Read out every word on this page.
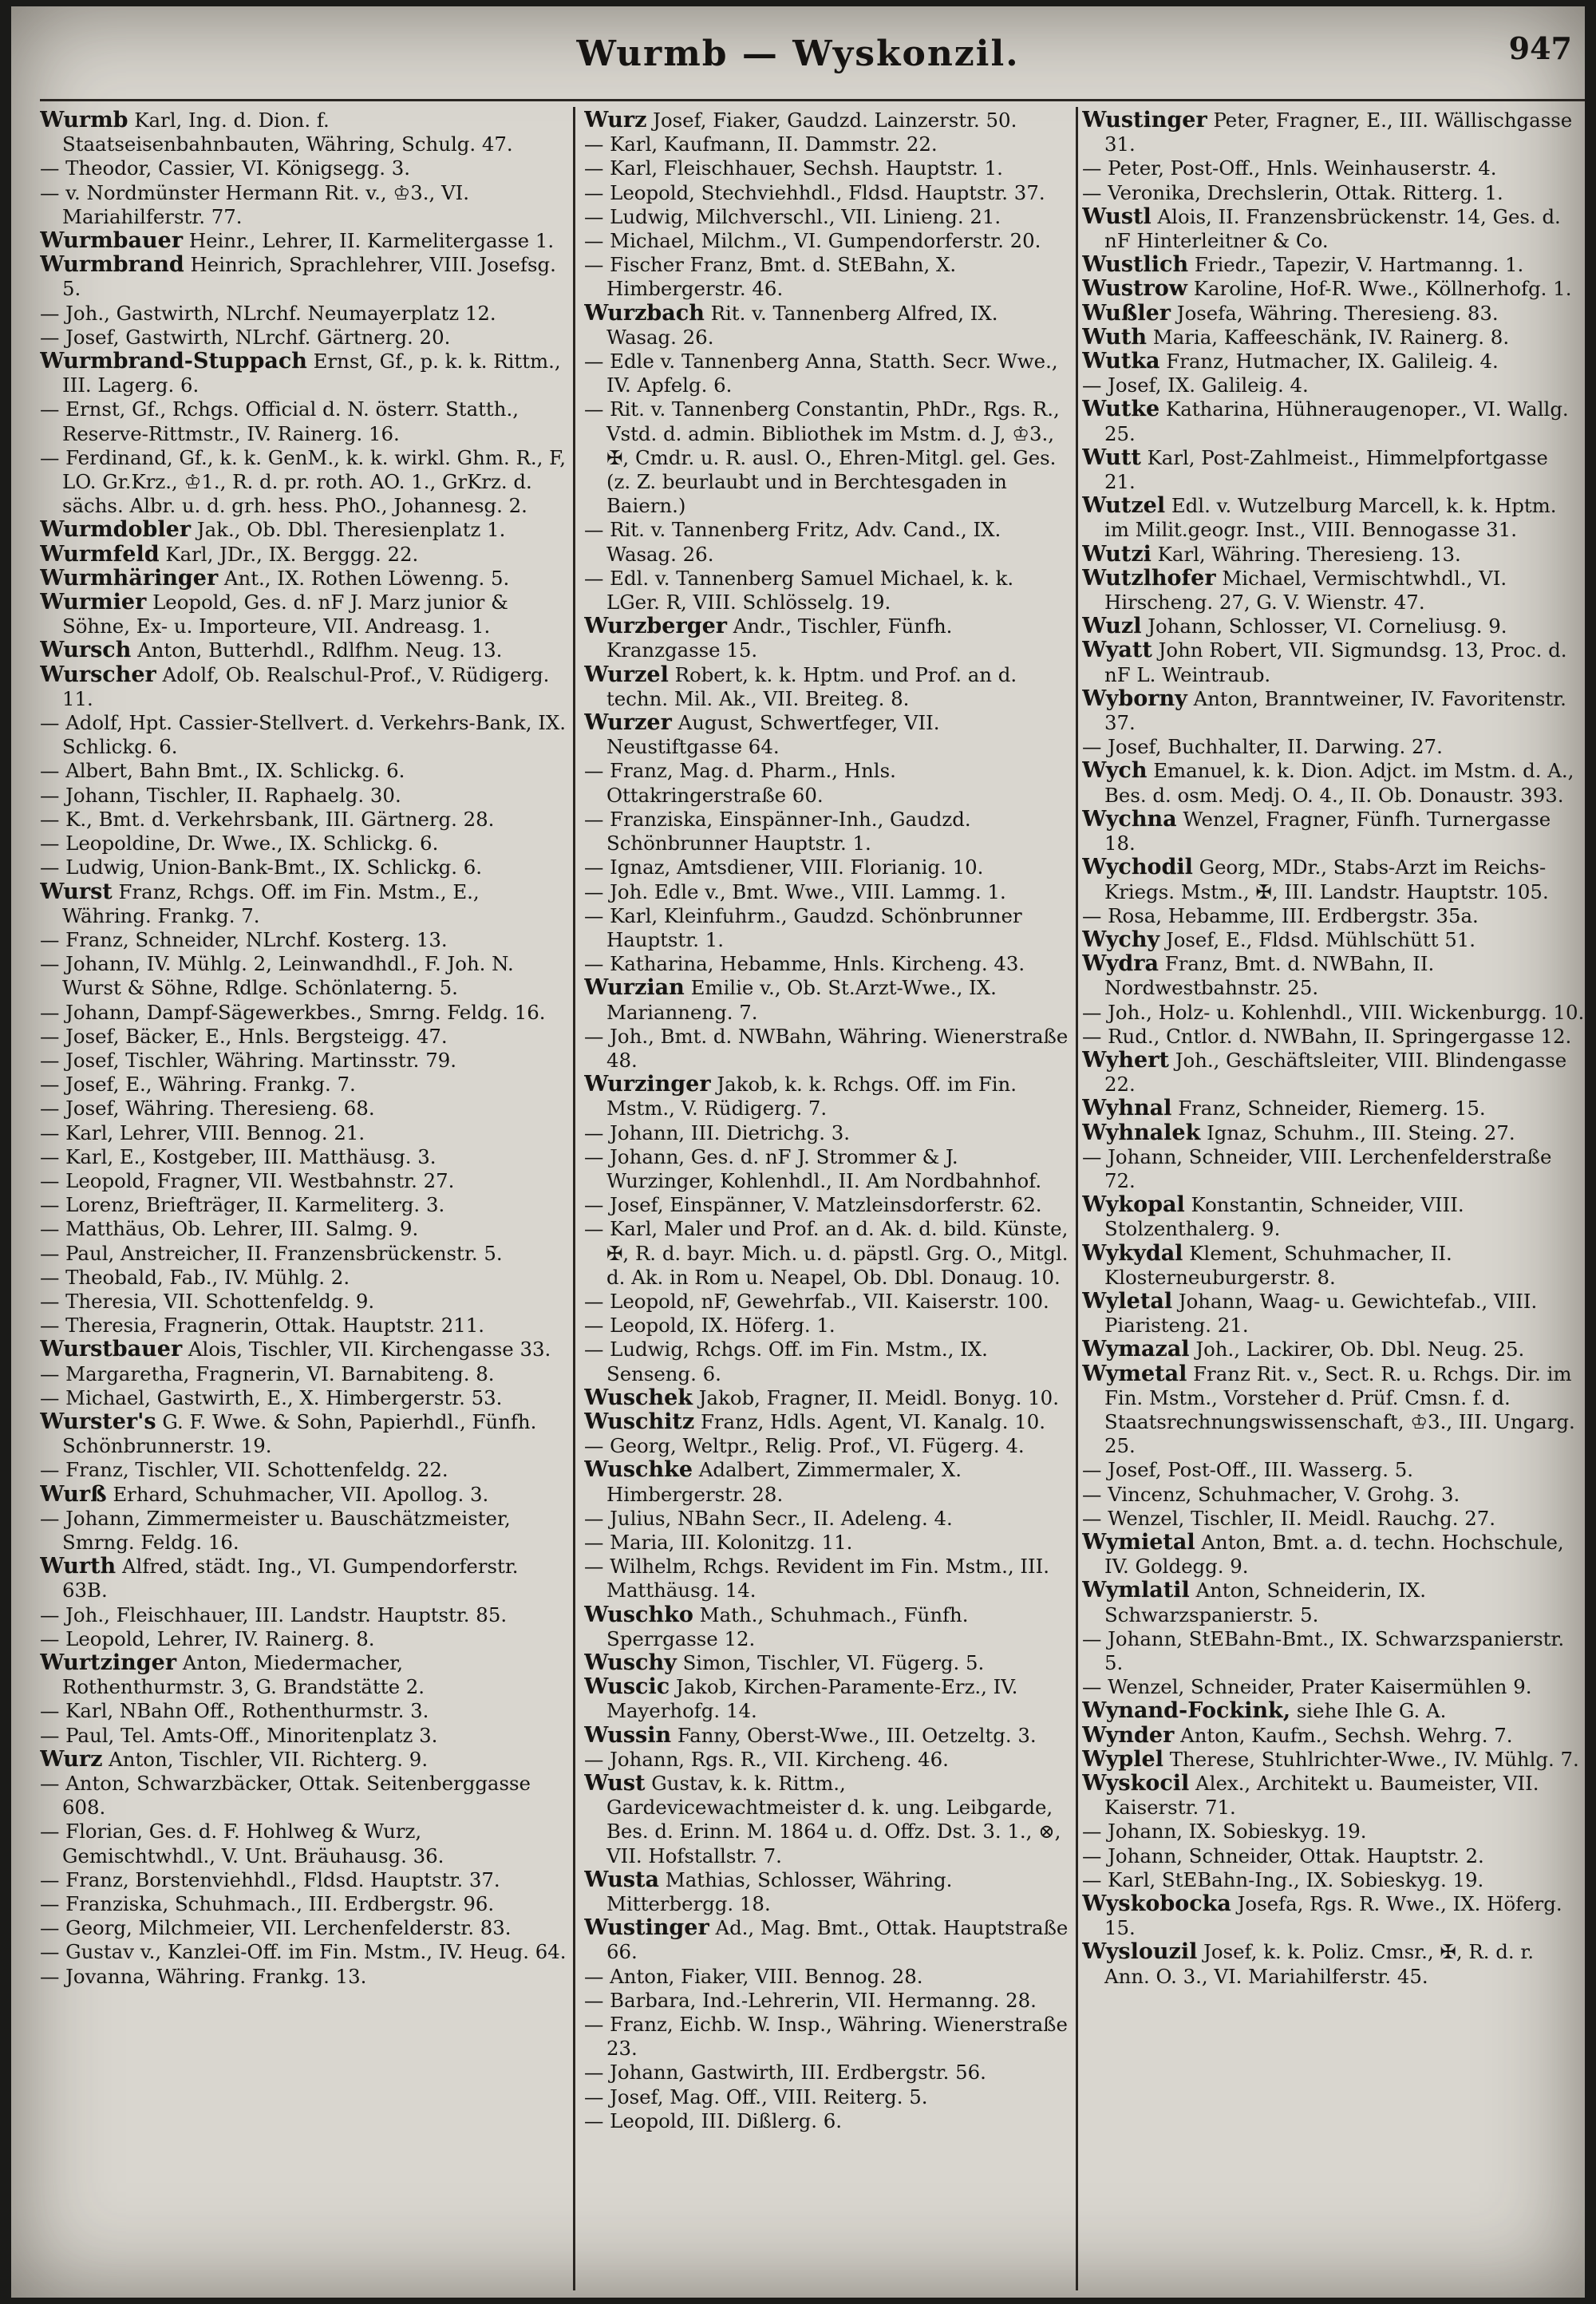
Wurmb — Wyskonzil.	947

Wurmb Karl, Ing. d. Dion. f. Staatseisenbahnbauten, Währing, Schulg. 47.

— Theodor, Cassier, VI. Königsegg. 3.

— v. Nordmünster Hermann Rit. v., ♔3., VI. Mariahilferstr. 77.

Wurmbauer Heinr., Lehrer, II. Karmelitergasse 1.

Wurmbrand Heinrich, Sprachlehrer, VIII. Josefsg. 5.

— Joh., Gastwirth, NLrchf. Neumayerplatz 12.

— Josef, Gastwirth, NLrchf. Gärtnerg. 20.

Wurmbrand-Stuppach Ernst, Gf., p. k. k. Rittm., III. Lagerg. 6.

— Ernst, Gf., Rchgs. Official d. N. österr. Statth., Reserve-Rittmstr., IV. Rainerg. 16.

— Ferdinand, Gf., k. k. GenM., k. k. wirkl. Ghm. R., F, LO. Gr.Krz., ♔1., R. d. pr. roth. AO. 1., GrKrz. d. sächs. Albr. u. d. grh. hess. PhO., Johannesg. 2.

Wurmdobler Jak., Ob. Dbl. Theresienplatz 1.

Wurmfeld Karl, JDr., IX. Berggg. 22.

Wurmhäringer Ant., IX. Rothen Löwenng. 5.

Wurmier Leopold, Ges. d. nF J. Marz junior & Söhne, Ex- u. Importeure, VII. Andreasg. 1.

Wursch Anton, Butterhdl., Rdlfhm. Neug. 13.

Wurscher Adolf, Ob. Realschul-Prof., V. Rüdigerg. 11.

— Adolf, Hpt. Cassier-Stellvert. d. Verkehrs-Bank, IX. Schlickg. 6.

— Albert, Bahn Bmt., IX. Schlickg. 6.

— Johann, Tischler, II. Raphaelg. 30.

— K., Bmt. d. Verkehrsbank, III. Gärtnerg. 28.

— Leopoldine, Dr. Wwe., IX. Schlickg. 6.

— Ludwig, Union-Bank-Bmt., IX. Schlickg. 6.

Wurst Franz, Rchgs. Off. im Fin. Mstm., E., Währing. Frankg. 7.

— Franz, Schneider, NLrchf. Kosterg. 13.

— Johann, IV. Mühlg. 2, Leinwandhdl., F. Joh. N. Wurst & Söhne, Rdlge. Schönlaterng. 5.

— Johann, Dampf-Sägewerkbes., Smrng. Feldg. 16.

— Josef, Bäcker, E., Hnls. Bergsteigg. 47.

— Josef, Tischler, Währing. Martinsstr. 79.

— Josef, E., Währing. Frankg. 7.

— Josef, Währing. Theresieng. 68.

— Karl, Lehrer, VIII. Bennog. 21.

— Karl, E., Kostgeber, III. Matthäusg. 3.

— Leopold, Fragner, VII. Westbahnstr. 27.

— Lorenz, Briefträger, II. Karmeliterg. 3.

— Matthäus, Ob. Lehrer, III. Salmg. 9.

— Paul, Anstreicher, II. Franzensbrückenstr. 5.

— Theobald, Fab., IV. Mühlg. 2.

— Theresia, VII. Schottenfeldg. 9.

— Theresia, Fragnerin, Ottak. Hauptstr. 211.

Wurstbauer Alois, Tischler, VII. Kirchengasse 33.

— Margaretha, Fragnerin, VI. Barnabiteng. 8.

— Michael, Gastwirth, E., X. Himbergerstr. 53.

Wurster's G. F. Wwe. & Sohn, Papierhdl., Fünfh. Schönbrunnerstr. 19.

— Franz, Tischler, VII. Schottenfeldg. 22.

Wurß Erhard, Schuhmacher, VII. Apollog. 3.

— Johann, Zimmermeister u. Bauschätzmeister, Smrng. Feldg. 16.

Wurth Alfred, städt. Ing., VI. Gumpendorferstr. 63B.

— Joh., Fleischhauer, III. Landstr. Hauptstr. 85.

— Leopold, Lehrer, IV. Rainerg. 8.

Wurtzinger Anton, Miedermacher, Rothenthurmstr. 3, G. Brandstätte 2.

— Karl, NBahn Off., Rothenthurmstr. 3.

— Paul, Tel. Amts-Off., Minoritenplatz 3.

Wurz Anton, Tischler, VII. Richterg. 9.

— Anton, Schwarzbäcker, Ottak. Seitenberggasse 608.

— Florian, Ges. d. F. Hohlweg & Wurz, Gemischtwhdl., V. Unt. Bräuhausg. 36.

— Franz, Borstenviehhdl., Fldsd. Hauptstr. 37.

— Franziska, Schuhmach., III. Erdbergstr. 96.

— Georg, Milchmeier, VII. Lerchenfelderstr. 83.

— Gustav v., Kanzlei-Off. im Fin. Mstm., IV. Heug. 64.

— Jovanna, Währing. Frankg. 13.

Wurz Josef, Fiaker, Gaudzd. Lainzerstr. 50.

— Karl, Kaufmann, II. Dammstr. 22.

— Karl, Fleischhauer, Sechsh. Hauptstr. 1.

— Leopold, Stechviehhdl., Fldsd. Hauptstr. 37.

— Ludwig, Milchverschl., VII. Linieng. 21.

— Michael, Milchm., VI. Gumpendorferstr. 20.

— Fischer Franz, Bmt. d. StEBahn, X. Himbergerstr. 46.

Wurzbach Rit. v. Tannenberg Alfred, IX. Wasag. 26.

— Edle v. Tannenberg Anna, Statth. Secr. Wwe., IV. Apfelg. 6.

— Rit. v. Tannenberg Constantin, PhDr., Rgs. R., Vstd. d. admin. Bibliothek im Mstm. d. J, ♔3., ✠, Cmdr. u. R. ausl. O., Ehren-Mitgl. gel. Ges. (z. Z. beurlaubt und in Berchtesgaden in Baiern.)

— Rit. v. Tannenberg Fritz, Adv. Cand., IX. Wasag. 26.

— Edl. v. Tannenberg Samuel Michael, k. k. LGer. R, VIII. Schlösselg. 19.

Wurzberger Andr., Tischler, Fünfh. Kranzgasse 15.

Wurzel Robert, k. k. Hptm. und Prof. an d. techn. Mil. Ak., VII. Breiteg. 8.

Wurzer August, Schwertfeger, VII. Neustiftgasse 64.

— Franz, Mag. d. Pharm., Hnls. Ottakringerstraße 60.

— Franziska, Einspänner-Inh., Gaudzd. Schönbrunner Hauptstr. 1.

— Ignaz, Amtsdiener, VIII. Florianig. 10.

— Joh. Edle v., Bmt. Wwe., VIII. Lammg. 1.

— Karl, Kleinfuhrm., Gaudzd. Schönbrunner Hauptstr. 1.

— Katharina, Hebamme, Hnls. Kircheng. 43.

Wurzian Emilie v., Ob. St.Arzt-Wwe., IX. Marianneng. 7.

— Joh., Bmt. d. NWBahn, Währing. Wienerstraße 48.

Wurzinger Jakob, k. k. Rchgs. Off. im Fin. Mstm., V. Rüdigerg. 7.

— Johann, III. Dietrichg. 3.

— Johann, Ges. d. nF J. Strommer & J. Wurzinger, Kohlenhdl., II. Am Nordbahnhof.

— Josef, Einspänner, V. Matzleinsdorferstr. 62.

— Karl, Maler und Prof. an d. Ak. d. bild. Künste, ✠, R. d. bayr. Mich. u. d. päpstl. Grg. O., Mitgl. d. Ak. in Rom u. Neapel, Ob. Dbl. Donaug. 10.

— Leopold, nF, Gewehrfab., VII. Kaiserstr. 100.

— Leopold, IX. Höferg. 1.

— Ludwig, Rchgs. Off. im Fin. Mstm., IX. Senseng. 6.

Wuschek Jakob, Fragner, II. Meidl. Bonyg. 10.

Wuschitz Franz, Hdls. Agent, VI. Kanalg. 10.

— Georg, Weltpr., Relig. Prof., VI. Fügerg. 4.

Wuschke Adalbert, Zimmermaler, X. Himbergerstr. 28.

— Julius, NBahn Secr., II. Adeleng. 4.

— Maria, III. Kolonitzg. 11.

— Wilhelm, Rchgs. Revident im Fin. Mstm., III. Matthäusg. 14.

Wuschko Math., Schuhmach., Fünfh. Sperrgasse 12.

Wuschy Simon, Tischler, VI. Fügerg. 5.

Wuscic Jakob, Kirchen-Paramente-Erz., IV. Mayerhofg. 14.

Wussin Fanny, Oberst-Wwe., III. Oetzeltg. 3.

— Johann, Rgs. R., VII. Kircheng. 46.

Wust Gustav, k. k. Rittm., Gardevicewachtmeister d. k. ung. Leibgarde, Bes. d. Erinn. M. 1864 u. d. Offz. Dst. 3. 1., ⊗, VII. Hofstallstr. 7.

Wusta Mathias, Schlosser, Währing. Mitterbergg. 18.

Wustinger Ad., Mag. Bmt., Ottak. Hauptstraße 66.

— Anton, Fiaker, VIII. Bennog. 28.

— Barbara, Ind.-Lehrerin, VII. Hermanng. 28.

— Franz, Eichb. W. Insp., Währing. Wienerstraße 23.

— Johann, Gastwirth, III. Erdbergstr. 56.

— Josef, Mag. Off., VIII. Reiterg. 5.

— Leopold, III. Dißlerg. 6.

Wustinger Peter, Fragner, E., III. Wällischgasse 31.

— Peter, Post-Off., Hnls. Weinhauserstr. 4.

— Veronika, Drechslerin, Ottak. Ritterg. 1.

Wustl Alois, II. Franzensbrückenstr. 14, Ges. d. nF Hinterleitner & Co.

Wustlich Friedr., Tapezir, V. Hartmanng. 1.

Wustrow Karoline, Hof-R. Wwe., Köllnerhofg. 1.

Wußler Josefa, Währing. Theresieng. 83.

Wuth Maria, Kaffeeschänk, IV. Rainerg. 8.

Wutka Franz, Hutmacher, IX. Galileig. 4.

— Josef, IX. Galileig. 4.

Wutke Katharina, Hühneraugenoper., VI. Wallg. 25.

Wutt Karl, Post-Zahlmeist., Himmelpfortgasse 21.

Wutzel Edl. v. Wutzelburg Marcell, k. k. Hptm. im Milit.geogr. Inst., VIII. Bennogasse 31.

Wutzi Karl, Währing. Theresieng. 13.

Wutzlhofer Michael, Vermischtwhdl., VI. Hirscheng. 27, G. V. Wienstr. 47.

Wuzl Johann, Schlosser, VI. Corneliusg. 9.

Wyatt John Robert, VII. Sigmundsg. 13, Proc. d. nF L. Weintraub.

Wyborny Anton, Branntweiner, IV. Favoritenstr. 37.

— Josef, Buchhalter, II. Darwing. 27.

Wych Emanuel, k. k. Dion. Adjct. im Mstm. d. A., Bes. d. osm. Medj. O. 4., II. Ob. Donaustr. 393.

Wychna Wenzel, Fragner, Fünfh. Turnergasse 18.

Wychodil Georg, MDr., Stabs-Arzt im Reichs-Kriegs. Mstm., ✠, III. Landstr. Hauptstr. 105.

— Rosa, Hebamme, III. Erdbergstr. 35a.

Wychy Josef, E., Fldsd. Mühlschütt 51.

Wydra Franz, Bmt. d. NWBahn, II. Nordwestbahnstr. 25.

— Joh., Holz- u. Kohlenhdl., VIII. Wickenburgg. 10.

— Rud., Cntlor. d. NWBahn, II. Springergasse 12.

Wyhert Joh., Geschäftsleiter, VIII. Blindengasse 22.

Wyhnal Franz, Schneider, Riemerg. 15.

Wyhnalek Ignaz, Schuhm., III. Steing. 27.

— Johann, Schneider, VIII. Lerchenfelderstraße 72.

Wykopal Konstantin, Schneider, VIII. Stolzenthalerg. 9.

Wykydal Klement, Schuhmacher, II. Klosterneuburgerstr. 8.

Wyletal Johann, Waag- u. Gewichtefab., VIII. Piaristeng. 21.

Wymazal Joh., Lackirer, Ob. Dbl. Neug. 25.

Wymetal Franz Rit. v., Sect. R. u. Rchgs. Dir. im Fin. Mstm., Vorsteher d. Prüf. Cmsn. f. d. Staatsrechnungswissenschaft, ♔3., III. Ungarg. 25.

— Josef, Post-Off., III. Wasserg. 5.

— Vincenz, Schuhmacher, V. Grohg. 3.

— Wenzel, Tischler, II. Meidl. Rauchg. 27.

Wymietal Anton, Bmt. a. d. techn. Hochschule, IV. Goldegg. 9.

Wymlatil Anton, Schneiderin, IX. Schwarzspanierstr. 5.

— Johann, StEBahn-Bmt., IX. Schwarzspanierstr. 5.

— Wenzel, Schneider, Prater Kaisermühlen 9.

Wynand-Fockink, siehe Ihle G. A.

Wynder Anton, Kaufm., Sechsh. Wehrg. 7.

Wyplel Therese, Stuhlrichter-Wwe., IV. Mühlg. 7.

Wyskocil Alex., Architekt u. Baumeister, VII. Kaiserstr. 71.

— Johann, IX. Sobieskyg. 19.

— Johann, Schneider, Ottak. Hauptstr. 2.

— Karl, StEBahn-Ing., IX. Sobieskyg. 19.

Wyskobocka Josefa, Rgs. R. Wwe., IX. Höferg. 15.

Wyslouzil Josef, k. k. Poliz. Cmsr., ✠, R. d. r. Ann. O. 3., VI. Mariahilferstr. 45.
